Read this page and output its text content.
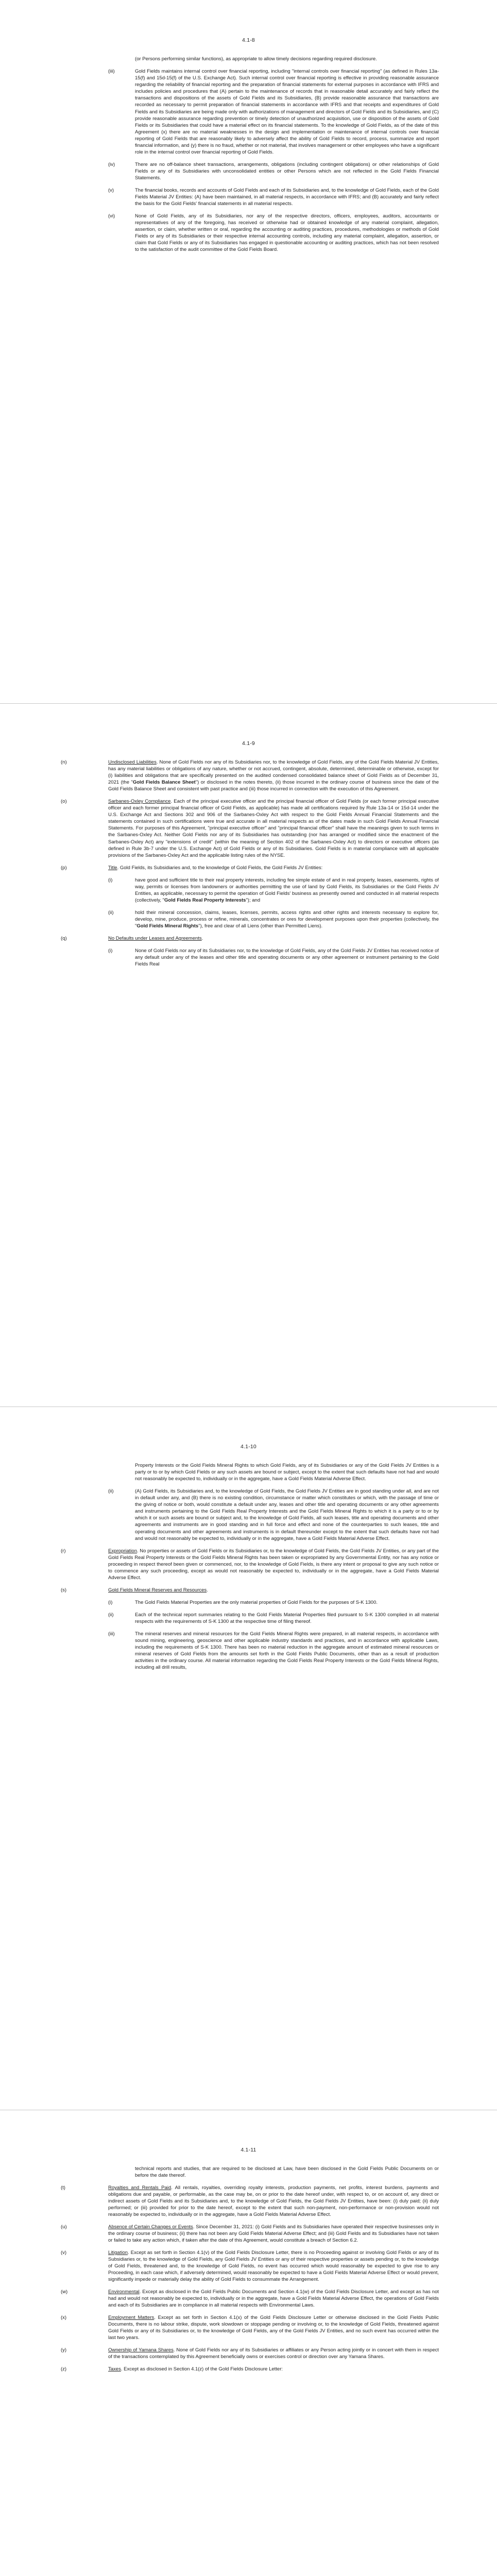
4.1-8
(or Persons performing similar functions), as appropriate to allow timely decisions regarding required disclosure.
(iii)	Gold Fields maintains internal control over financial reporting, including "internal controls over financial reporting" (as defined in Rules 13a-15(f) and 15d-15(f) of the U.S. Exchange Act). Such internal control over financial reporting is effective in providing reasonable assurance regarding the reliability of financial reporting and the preparation of financial statements for external purposes in accordance with IFRS and includes policies and procedures that (A) pertain to the maintenance of records that in reasonable detail accurately and fairly reflect the transactions and dispositions of the assets of Gold Fields and its Subsidiaries, (B) provide reasonable assurance that transactions are recorded as necessary to permit preparation of financial statements in accordance with IFRS and that receipts and expenditures of Gold Fields and its Subsidiaries are being made only with authorizations of management and directors of Gold Fields and its Subsidiaries, and (C) provide reasonable assurance regarding prevention or timely detection of unauthorized acquisition, use or disposition of the assets of Gold Fields or its Subsidiaries that could have a material effect on its financial statements. To the knowledge of Gold Fields, as of the date of this Agreement (x) there are no material weaknesses in the design and implementation or maintenance of internal controls over financial reporting of Gold Fields that are reasonably likely to adversely affect the ability of Gold Fields to record, process, summarize and report financial information, and (y) there is no fraud, whether or not material, that involves management or other employees who have a significant role in the internal control over financial reporting of Gold Fields.
(iv)	There are no off-balance sheet transactions, arrangements, obligations (including contingent obligations) or other relationships of Gold Fields or any of its Subsidiaries with unconsolidated entities or other Persons which are not reflected in the Gold Fields Financial Statements.
(v)	The financial books, records and accounts of Gold Fields and each of its Subsidiaries and, to the knowledge of Gold Fields, each of the Gold Fields Material JV Entities: (A) have been maintained, in all material respects, in accordance with IFRS; and (B) accurately and fairly reflect the basis for the Gold Fields' financial statements in all material respects.
(vi)	None of Gold Fields, any of its Subsidiaries, nor any of the respective directors, officers, employees, auditors, accountants or representatives of any of the foregoing, has received or otherwise had or obtained knowledge of any material complaint, allegation, assertion, or claim, whether written or oral, regarding the accounting or auditing practices, procedures, methodologies or methods of Gold Fields or any of its Subsidiaries or their respective internal accounting controls, including any material complaint, allegation, assertion, or claim that Gold Fields or any of its Subsidiaries has engaged in questionable accounting or auditing practices, which has not been resolved to the satisfaction of the audit committee of the Gold Fields Board.
4.1-9
(n)	Undisclosed Liabilities. None of Gold Fields nor any of its Subsidiaries nor, to the knowledge of Gold Fields, any of the Gold Fields Material JV Entities, has any material liabilities or obligations of any nature, whether or not accrued, contingent, absolute, determined, determinable or otherwise, except for (i) liabilities and obligations that are specifically presented on the audited condensed consolidated balance sheet of Gold Fields as of December 31, 2021 (the "Gold Fields Balance Sheet") or disclosed in the notes thereto, (ii) those incurred in the ordinary course of business since the date of the Gold Fields Balance Sheet and consistent with past practice and (iii) those incurred in connection with the execution of this Agreement.
(o)	Sarbanes-Oxley Compliance. Each of the principal executive officer and the principal financial officer of Gold Fields (or each former principal executive officer and each former principal financial officer of Gold Fields, as applicable) has made all certifications required by Rule 13a-14 or 15d-14 under the U.S. Exchange Act and Sections 302 and 906 of the Sarbanes-Oxley Act with respect to the Gold Fields Annual Financial Statements and the statements contained in such certifications were true and accurate in all material respects as of the dates made in such Gold Fields Annual Financial Statements. For purposes of this Agreement, "principal executive officer" and "principal financial officer" shall have the meanings given to such terms in the Sarbanes-Oxley Act. Neither Gold Fields nor any of its Subsidiaries has outstanding (nor has arranged or modified since the enactment of the Sarbanes-Oxley Act) any "extensions of credit" (within the meaning of Section 402 of the Sarbanes-Oxley Act) to directors or executive officers (as defined in Rule 3b-7 under the U.S. Exchange Act) of Gold Fields or any of its Subsidiaries. Gold Fields is in material compliance with all applicable provisions of the Sarbanes-Oxley Act and the applicable listing rules of the NYSE.
(p)	Title. Gold Fields, its Subsidiaries and, to the knowledge of Gold Fields, the Gold Fields JV Entities:
(i)	have good and sufficient title to their real property interests, including fee simple estate of and in real property, leases, easements, rights of way, permits or licenses from landowners or authorities permitting the use of land by Gold Fields, its Subsidiaries or the Gold Fields JV Entities, as applicable, necessary to permit the operation of Gold Fields' business as presently owned and conducted in all material respects (collectively, "Gold Fields Real Property Interests"); and
(ii)	hold their mineral concession, claims, leases, licenses, permits, access rights and other rights and interests necessary to explore for, develop, mine, produce, process or refine, minerals, concentrates or ores for development purposes upon their properties (collectively, the "Gold Fields Mineral Rights"), free and clear of all Liens (other than Permitted Liens).
(q)	No Defaults under Leases and Agreements.
(i)	None of Gold Fields nor any of its Subsidiaries nor, to the knowledge of Gold Fields, any of the Gold Fields JV Entities has received notice of any default under any of the leases and other title and operating documents or any other agreement or instrument pertaining to the Gold Fields Real
4.1-10
Property Interests or the Gold Fields Mineral Rights to which Gold Fields, any of its Subsidiaries or any of the Gold Fields JV Entities is a party or to or by which Gold Fields or any such assets are bound or subject, except to the extent that such defaults have not had and would not reasonably be expected to, individually or in the aggregate, have a Gold Fields Material Adverse Effect.
(ii)	(A) Gold Fields, its Subsidiaries and, to the knowledge of Gold Fields, the Gold Fields JV Entities are in good standing under all, and are not in default under any, and (B) there is no existing condition, circumstance or matter which constitutes or which, with the passage of time or the giving of notice or both, would constitute a default under any, leases and other title and operating documents or any other agreements and instruments pertaining to the Gold Fields Real Property Interests and the Gold Fields Mineral Rights to which it is a party or to or by which it or such assets are bound or subject and, to the knowledge of Gold Fields, all such leases, title and operating documents and other agreements and instruments are in good standing and in full force and effect and none of the counterparties to such leases, title and operating documents and other agreements and instruments is in default thereunder except to the extent that such defaults have not had and would not reasonably be expected to, individually or in the aggregate, have a Gold Fields Material Adverse Effect.
(r)	Expropriation. No properties or assets of Gold Fields or its Subsidiaries or, to the knowledge of Gold Fields, the Gold Fields JV Entities, or any part of the Gold Fields Real Property Interests or the Gold Fields Mineral Rights has been taken or expropriated by any Governmental Entity, nor has any notice or proceeding in respect thereof been given or commenced, nor, to the knowledge of Gold Fields, is there any intent or proposal to give any such notice or to commence any such proceeding, except as would not reasonably be expected to, individually or in the aggregate, have a Gold Fields Material Adverse Effect.
(s)	Gold Fields Mineral Reserves and Resources.
(i)	The Gold Fields Material Properties are the only material properties of Gold Fields for the purposes of S-K 1300.
(ii)	Each of the technical report summaries relating to the Gold Fields Material Properties filed pursuant to S-K 1300 complied in all material respects with the requirements of S-K 1300 at the respective time of filing thereof.
(iii)	The mineral reserves and mineral resources for the Gold Fields Mineral Rights were prepared, in all material respects, in accordance with sound mining, engineering, geoscience and other applicable industry standards and practices, and in accordance with applicable Laws, including the requirements of S-K 1300. There has been no material reduction in the aggregate amount of estimated mineral resources or mineral reserves of Gold Fields from the amounts set forth in the Gold Fields Public Documents, other than as a result of production activities in the ordinary course. All material information regarding the Gold Fields Real Property Interests or the Gold Fields Mineral Rights, including all drill results,
4.1-11
technical reports and studies, that are required to be disclosed at Law, have been disclosed in the Gold Fields Public Documents on or before the date thereof.
(t)	Royalties and Rentals Paid. All rentals, royalties, overriding royalty interests, production payments, net profits, interest burdens, payments and obligations due and payable, or performable, as the case may be, on or prior to the date hereof under, with respect to, or on account of, any direct or indirect assets of Gold Fields and its Subsidiaries and, to the knowledge of Gold Fields, the Gold Fields JV Entities, have been: (i) duly paid; (ii) duly performed; or (iii) provided for prior to the date hereof, except to the extent that such non-payment, non-performance or non-provision would not reasonably be expected to, individually or in the aggregate, have a Gold Fields Material Adverse Effect.
(u)	Absence of Certain Changes or Events. Since December 31, 2021: (i) Gold Fields and its Subsidiaries have operated their respective businesses only in the ordinary course of business; (ii) there has not been any Gold Fields Material Adverse Effect; and (iii) Gold Fields and its Subsidiaries have not taken or failed to take any action which, if taken after the date of this Agreement, would constitute a breach of Section 6.2.
(v)	Litigation. Except as set forth in Section 4.1(v) of the Gold Fields Disclosure Letter, there is no Proceeding against or involving Gold Fields or any of its Subsidiaries or, to the knowledge of Gold Fields, any Gold Fields JV Entities or any of their respective properties or assets pending or, to the knowledge of Gold Fields, threatened and, to the knowledge of Gold Fields, no event has occurred which would reasonably be expected to give rise to any Proceeding, in each case which, if adversely determined, would reasonably be expected to have a Gold Fields Material Adverse Effect or would prevent, significantly impede or materially delay the ability of Gold Fields to consummate the Arrangement.
(w)	Environmental. Except as disclosed in the Gold Fields Public Documents and Section 4.1(w) of the Gold Fields Disclosure Letter, and except as has not had and would not reasonably be expected to, individually or in the aggregate, have a Gold Fields Material Adverse Effect, the operations of Gold Fields and each of its Subsidiaries are in compliance in all material respects with Environmental Laws.
(x)	Employment Matters. Except as set forth in Section 4.1(x) of the Gold Fields Disclosure Letter or otherwise disclosed in the Gold Fields Public Documents, there is no labour strike, dispute, work slowdown or stoppage pending or involving or, to the knowledge of Gold Fields, threatened against Gold Fields or any of its Subsidiaries or, to the knowledge of Gold Fields, any of the Gold Fields JV Entities, and no such event has occurred within the last two years.
(y)	Ownership of Yamana Shares. None of Gold Fields nor any of its Subsidiaries or affiliates or any Person acting jointly or in concert with them in respect of the transactions contemplated by this Agreement beneficially owns or exercises control or direction over any Yamana Shares.
(z)	Taxes. Except as disclosed in Section 4.1(z) of the Gold Fields Disclosure Letter:
